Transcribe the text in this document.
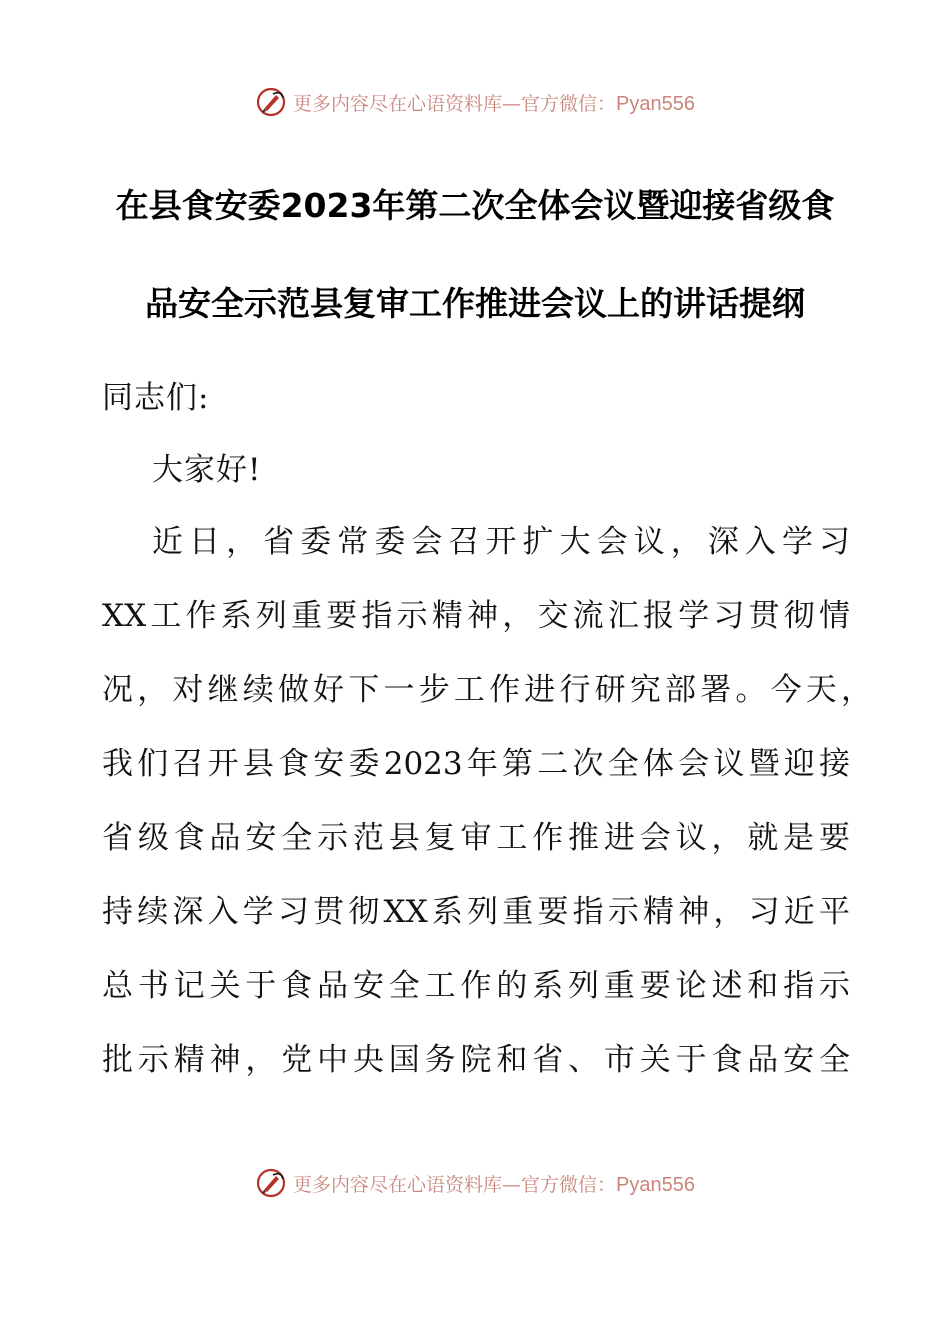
更多内容尽在心语资料库—官方微信：Pyan556
在县食安委2023年第二次全体会议暨迎接省级食
品安全示范县复审工作推进会议上的讲话提纲
同志们:
大家好!
近日，省委常委会召开扩大会议，深入学习
XX工作系列重要指示精神，交流汇报学习贯彻情
况，对继续做好下一步工作进行研究部署。今天，
我们召开县食安委2023年第二次全体会议暨迎接
省级食品安全示范县复审工作推进会议，就是要
持续深入学习贯彻XX系列重要指示精神，习近平
总书记关于食品安全工作的系列重要论述和指示
批示精神，党中央国务院和省、市关于食品安全
更多内容尽在心语资料库—官方微信：Pyan556
